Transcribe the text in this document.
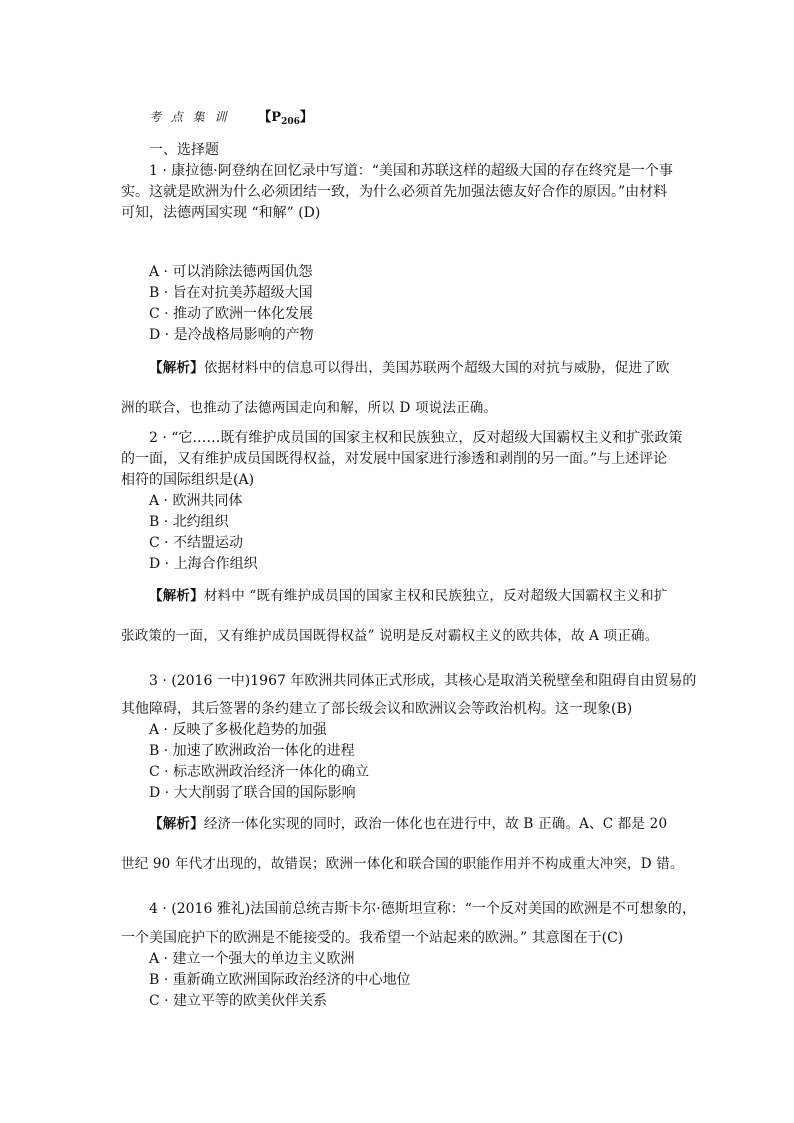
考 点 集 训 【$P_{206}$】
一、选择题
1 · 康拉德·阿登纳在回忆录中写道：“美国和苏联这样的超级大国的存在终究是一个事
实。这就是欧洲为什么必须团结一致，为什么必须首先加强法德友好合作的原因。”由材料
可知，法德两国实现 “和解” (D)
A · 可以消除法德两国仇怨
B · 旨在对抗美苏超级大国
C · 推动了欧洲一体化发展
D · 是冷战格局影响的产物
【解析】依据材料中的信息可以得出，美国苏联两个超级大国的对抗与威胁，促进了欧
洲的联合，也推动了法德两国走向和解，所以 D 项说法正确。
2 · “它……既有维护成员国的国家主权和民族独立，反对超级大国霸权主义和扩张政策
的一面，又有维护成员国既得权益，对发展中国家进行渗透和剥削的另一面。”与上述评论
相符的国际组织是(A)
A · 欧洲共同体
B · 北约组织
C · 不结盟运动
D · 上海合作组织
【解析】材料中 “既有维护成员国的国家主权和民族独立，反对超级大国霸权主义和扩
张政策的一面，又有维护成员国既得权益” 说明是反对霸权主义的欧共体，故 A 项正确。
3 · (2016 一中)1967 年欧洲共同体正式形成，其核心是取消关税壁垒和阻碍自由贸易的
其他障碍，其后签署的条约建立了部长级会议和欧洲议会等政治机构。这一现象(B)
A · 反映了多极化趋势的加强
B · 加速了欧洲政治一体化的进程
C · 标志欧洲政治经济一体化的确立
D · 大大削弱了联合国的国际影响
【解析】经济一体化实现的同时，政治一体化也在进行中，故 B 正确。A、C 都是 20
世纪 90 年代才出现的，故错误；欧洲一体化和联合国的职能作用并不构成重大冲突，D 错。
4 · (2016 雅礼)法国前总统吉斯卡尔·德斯坦宣称：“一个反对美国的欧洲是不可想象的，
一个美国庇护下的欧洲是不能接受的。我希望一个站起来的欧洲。” 其意图在于(C)
A · 建立一个强大的单边主义欧洲
B · 重新确立欧洲国际政治经济的中心地位
C · 建立平等的欧美伙伴关系
